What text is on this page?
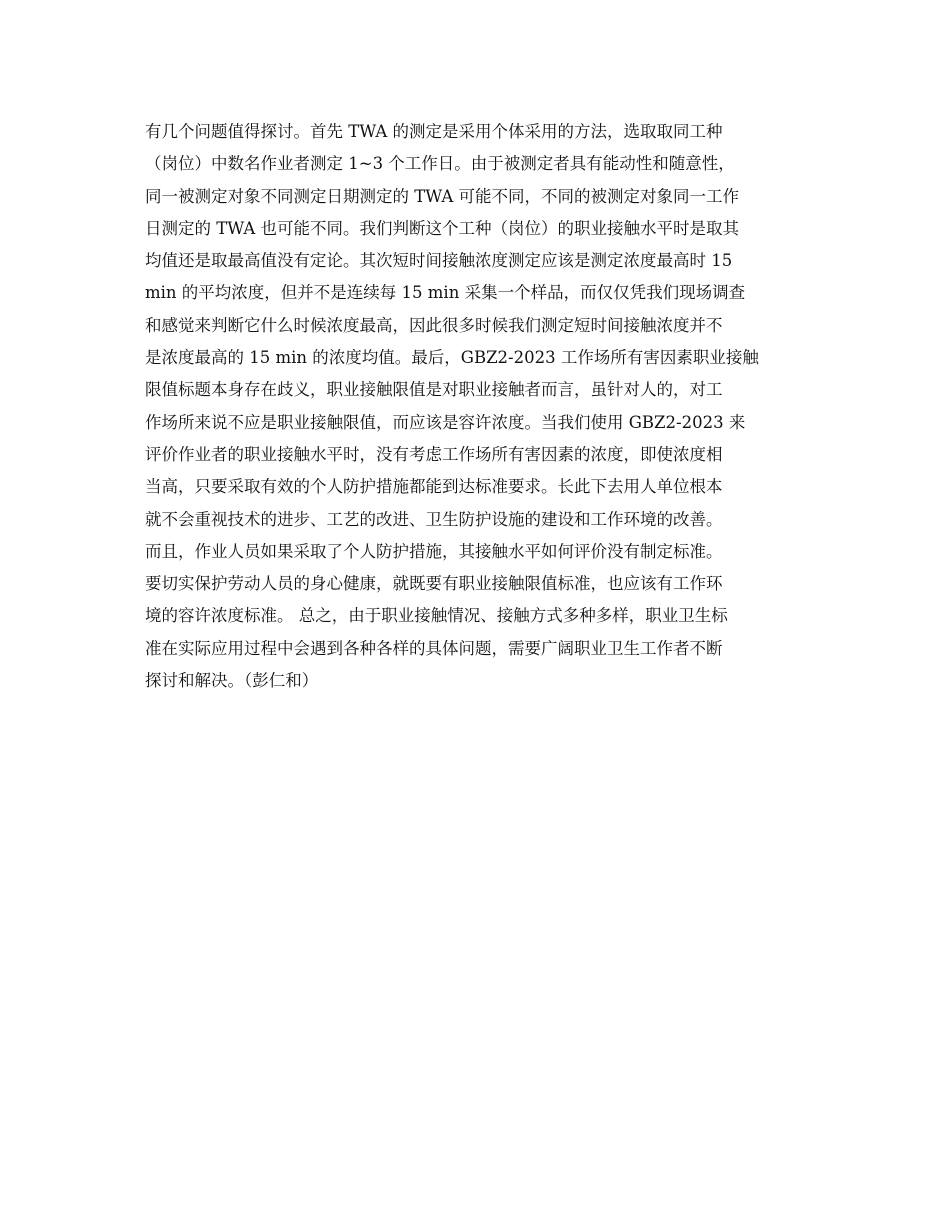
有几个问题值得探讨。首先 TWA 的测定是采用个体采用的方法，选取取同工种
（岗位）中数名作业者测定 1~3 个工作日。由于被测定者具有能动性和随意性，
同一被测定对象不同测定日期测定的 TWA 可能不同，不同的被测定对象同一工作
日测定的 TWA 也可能不同。我们判断这个工种（岗位）的职业接触水平时是取其
均值还是取最高值没有定论。其次短时间接触浓度测定应该是测定浓度最高时 15
min 的平均浓度，但并不是连续每 15 min 采集一个样品，而仅仅凭我们现场调查
和感觉来判断它什么时候浓度最高，因此很多时候我们测定短时间接触浓度并不
是浓度最高的 15 min 的浓度均值。最后，GBZ2-2023 工作场所有害因素职业接触
限值标题本身存在歧义，职业接触限值是对职业接触者而言，虽针对人的，对工
作场所来说不应是职业接触限值，而应该是容许浓度。当我们使用 GBZ2-2023 来
评价作业者的职业接触水平时，没有考虑工作场所有害因素的浓度，即使浓度相
当高，只要采取有效的个人防护措施都能到达标准要求。长此下去用人单位根本
就不会重视技术的进步、工艺的改进、卫生防护设施的建设和工作环境的改善。
而且，作业人员如果采取了个人防护措施，其接触水平如何评价没有制定标准。
要切实保护劳动人员的身心健康，就既要有职业接触限值标准，也应该有工作环
境的容许浓度标准。 总之，由于职业接触情况、接触方式多种多样，职业卫生标
准在实际应用过程中会遇到各种各样的具体问题，需要广阔职业卫生工作者不断
探讨和解决。（彭仁和）
